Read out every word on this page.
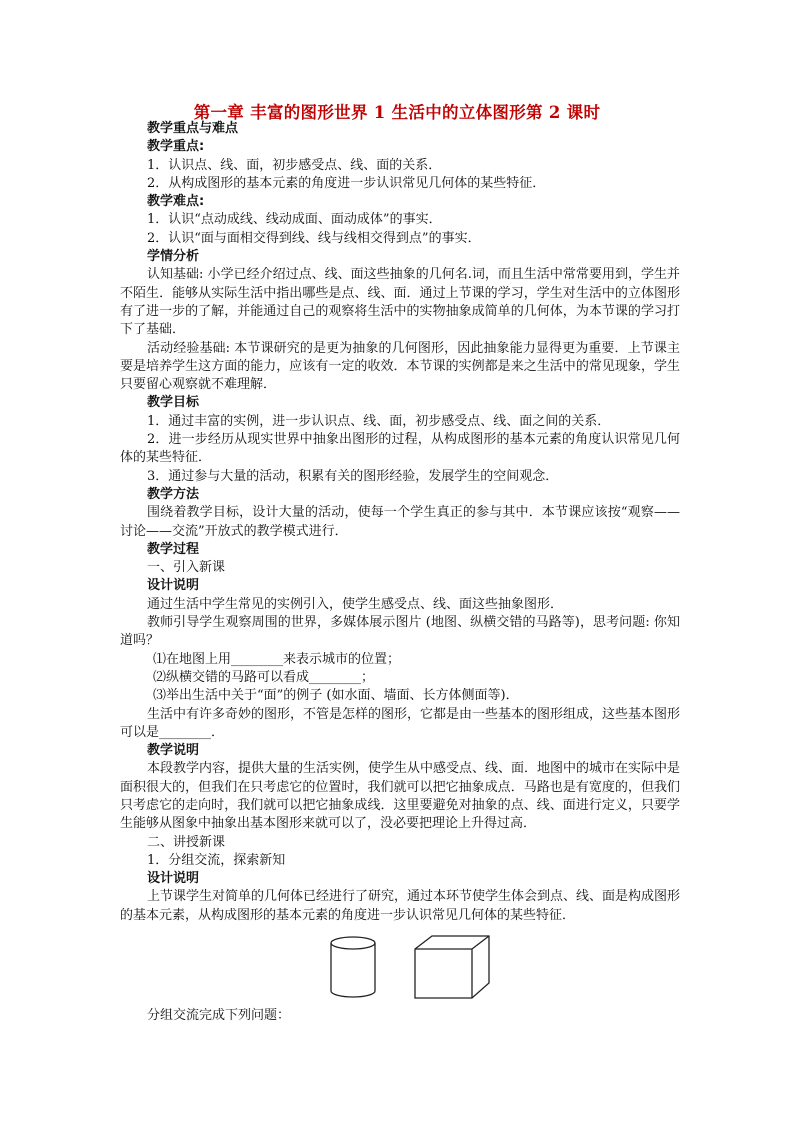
第一章 丰富的图形世界 1 生活中的立体图形第 2 课时

教学重点与难点

教学重点:

1．认识点、线、面，初步感受点、线、面的关系．

2．从构成图形的基本元素的角度进一步认识常见几何体的某些特征．

教学难点:

1．认识“点动成线、线动成面、面动成体”的事实．

2．认识“面与面相交得到线、线与线相交得到点”的事实．

学情分析

认知基础: 小学已经介绍过点、线、面这些抽象的几何名.词，而且生活中常常要用到，学生并不陌生．能够从实际生活中指出哪些是点、线、面．通过上节课的学习，学生对生活中的立体图形有了进一步的了解，并能通过自己的观察将生活中的实物抽象成简单的几何体，为本节课的学习打下了基础．

活动经验基础: 本节课研究的是更为抽象的几何图形，因此抽象能力显得更为重要．上节课主要是培养学生这方面的能力，应该有一定的收效．本节课的实例都是来之生活中的常见现象，学生只要留心观察就不难理解．

教学目标

1．通过丰富的实例，进一步认识点、线、面，初步感受点、线、面之间的关系．

2．进一步经历从现实世界中抽象出图形的过程，从构成图形的基本元素的角度认识常见几何体的某些特征．

3．通过参与大量的活动，积累有关的图形经验，发展学生的空间观念．

教学方法

围绕着教学目标，设计大量的活动，使每一个学生真正的参与其中．本节课应该按“观察——讨论——交流”开放式的教学模式进行．

教学过程

一、引入新课

设计说明

通过生活中学生常见的实例引入，使学生感受点、线、面这些抽象图形．

教师引导学生观察周围的世界，多媒体展示图片 (地图、纵横交错的马路等)，思考问题: 你知道吗？

⑴在地图上用________来表示城市的位置；

⑵纵横交错的马路可以看成________；

⑶举出生活中关于“面”的例子 (如水面、墙面、长方体侧面等)．

生活中有许多奇妙的图形，不管是怎样的图形，它都是由一些基本的图形组成，这些基本图形可以是________．

教学说明

本段教学内容，提供大量的生活实例，使学生从中感受点、线、面．地图中的城市在实际中是面积很大的，但我们在只考虑它的位置时，我们就可以把它抽象成点．马路也是有宽度的，但我们只考虑它的走向时，我们就可以把它抽象成线．这里要避免对抽象的点、线、面进行定义，只要学生能够从图象中抽象出基本图形来就可以了，没必要把理论上升得过高．

二、讲授新课

1．分组交流，探索新知

设计说明

上节课学生对简单的几何体已经进行了研究，通过本环节使学生体会到点、线、面是构成图形的基本元素，从构成图形的基本元素的角度进一步认识常见几何体的某些特征．

分组交流完成下列问题：
